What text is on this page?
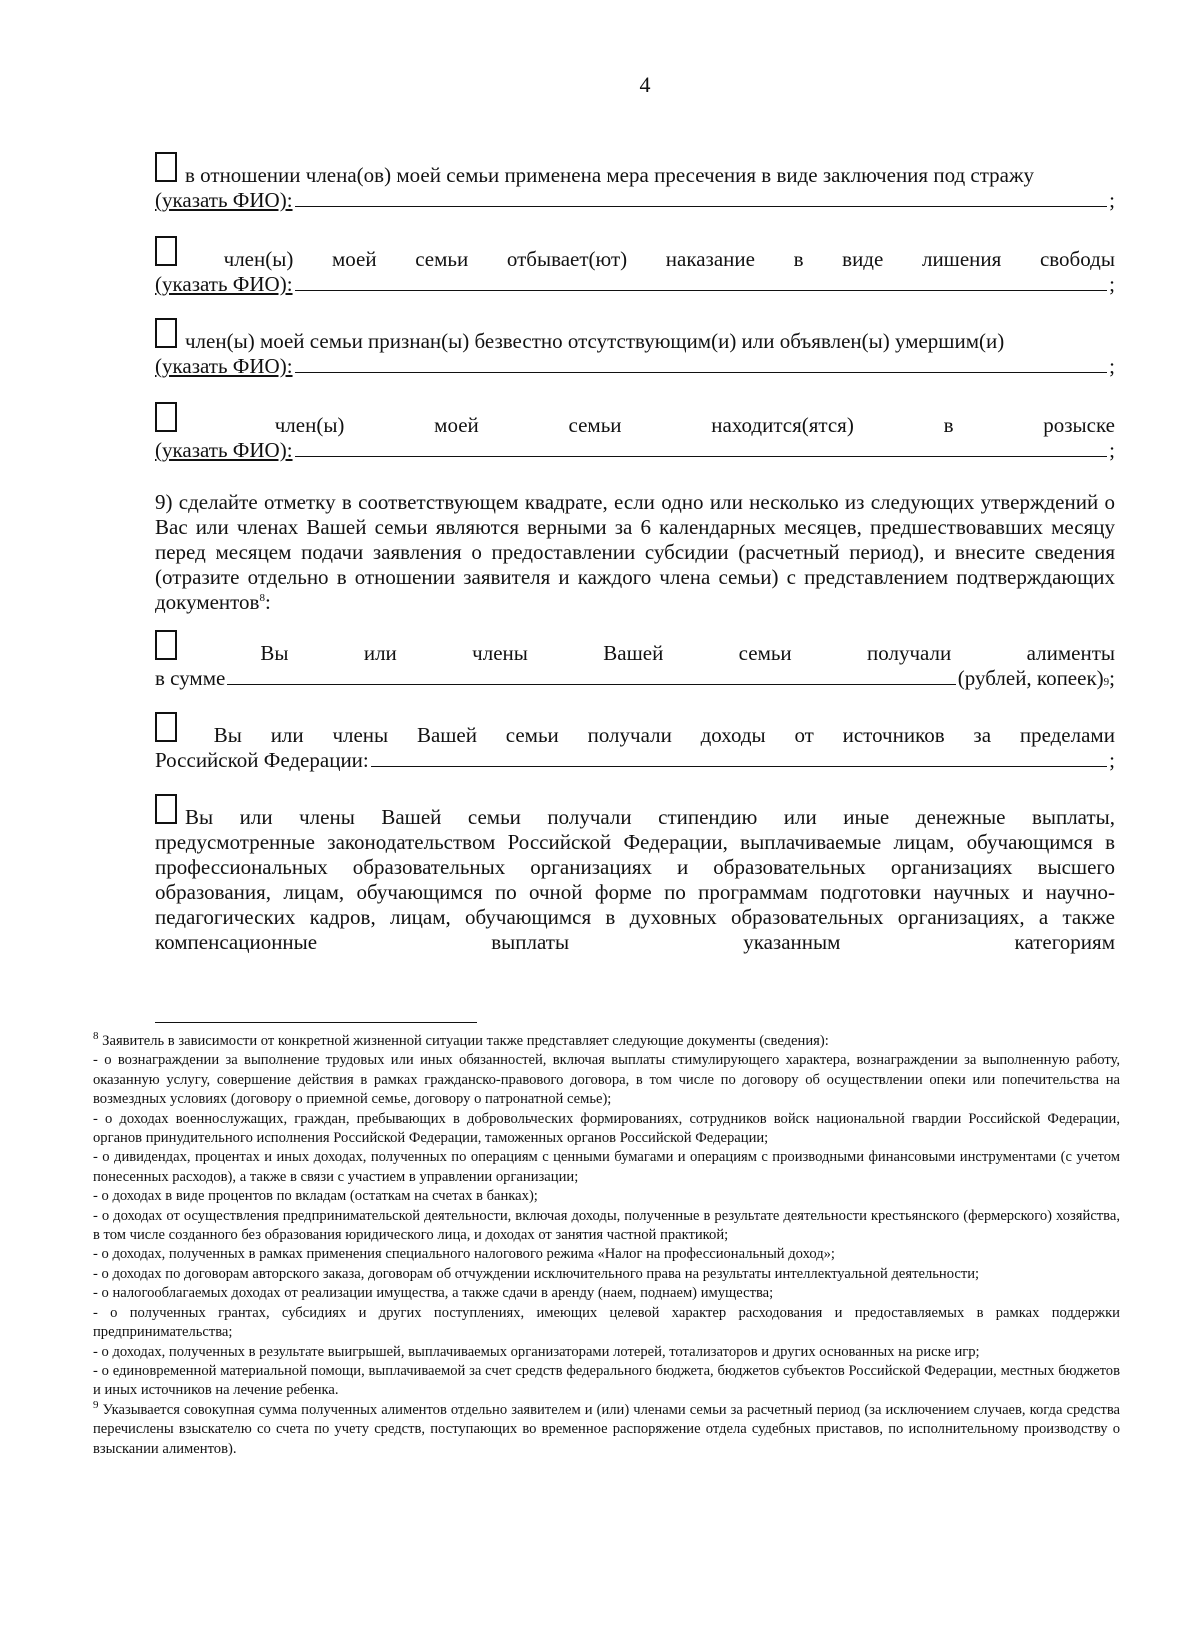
4
в отношении члена(ов) моей семьи применена мера пресечения в виде заключения под стражу
(указать ФИО):	;
член(ы) моей семьи отбывает(ют) наказание в виде лишения свободы
(указать ФИО):	;
член(ы) моей семьи признан(ы) безвестно отсутствующим(и) или объявлен(ы) умершим(и)
(указать ФИО):	;
член(ы)	моей	семьи	находится(ятся)	в	розыске
(указать ФИО):	;
9) сделайте отметку в соответствующем квадрате, если одно или несколько из следующих утверждений о Вас или членах Вашей семьи являются верными за 6 календарных месяцев, предшествовавших месяцу перед месяцем подачи заявления о предоставлении субсидии (расчетный период), и внесите сведения (отразите отдельно в отношении заявителя и каждого члена семьи) с представлением подтверждающих документов$^8$:
Вы	или	члены	Вашей	семьи	получали	алименты
в сумме	(рублей, копеек) 9 ;
Вы или члены Вашей семьи получали доходы от источников за пределами
Российской Федерации:	;
Вы или члены Вашей семьи получали стипендию или иные денежные выплаты,
предусмотренные законодательством Российской Федерации, выплачиваемые лицам, обучающимся в профессиональных образовательных организациях и образовательных организациях высшего образования, лицам, обучающимся по очной форме по программам подготовки научных и научно-педагогических кадров, лицам, обучающимся в духовных образовательных организациях, а также компенсационные выплаты указанным категориям

$^8$ Заявитель в зависимости от конкретной жизненной ситуации также представляет следующие документы (сведения):

- о вознаграждении за выполнение трудовых или иных обязанностей, включая выплаты стимулирующего характера, вознаграждении за выполненную работу, оказанную услугу, совершение действия в рамках гражданско-правового договора, в том числе по договору об осуществлении опеки или попечительства на возмездных условиях (договору о приемной семье, договору о патронатной семье);

- о доходах военнослужащих, граждан, пребывающих в добровольческих формированиях, сотрудников войск национальной гвардии Российской Федерации, органов принудительного исполнения Российской Федерации, таможенных органов Российской Федерации;

- о дивидендах, процентах и иных доходах, полученных по операциям с ценными бумагами и операциям с производными финансовыми инструментами (с учетом понесенных расходов), а также в связи с участием в управлении организации;

- о доходах в виде процентов по вкладам (остаткам на счетах в банках);

- о доходах от осуществления предпринимательской деятельности, включая доходы, полученные в результате деятельности крестьянского (фермерского) хозяйства, в том числе созданного без образования юридического лица, и доходах от занятия частной практикой;

- о доходах, полученных в рамках применения специального налогового режима «Налог на профессиональный доход»;

- о доходах по договорам авторского заказа, договорам об отчуждении исключительного права на результаты интеллектуальной деятельности;

- о налогооблагаемых доходах от реализации имущества, а также сдачи в аренду (наем, поднаем) имущества;

- о полученных грантах, субсидиях и других поступлениях, имеющих целевой характер расходования и предоставляемых в рамках поддержки предпринимательства;

- о доходах, полученных в результате выигрышей, выплачиваемых организаторами лотерей, тотализаторов и других основанных на риске игр;

- о единовременной материальной помощи, выплачиваемой за счет средств федерального бюджета, бюджетов субъектов Российской Федерации, местных бюджетов и иных источников на лечение ребенка.

$^9$ Указывается совокупная сумма полученных алиментов отдельно заявителем и (или) членами семьи за расчетный период (за исключением случаев, когда средства перечислены взыскателю со счета по учету средств, поступающих во временное распоряжение отдела судебных приставов, по исполнительному производству о взыскании алиментов).
